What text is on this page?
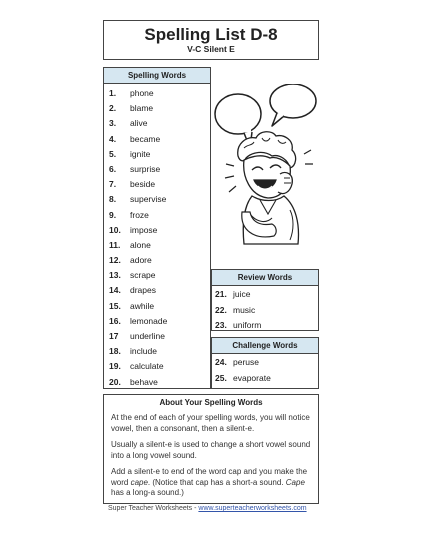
Spelling List D-8
V-C Silent E
Spelling Words
1. phone
2. blame
3. alive
4. became
5. ignite
6. surprise
7. beside
8. supervise
9. froze
10. impose
11. alone
12. adore
13. scrape
14. drapes
15. awhile
16. lemonade
17 underline
18. include
19. calculate
20. behave
Review Words
21. juice
22. music
23. uniform
Challenge Words
24. peruse
25. evaporate
About Your Spelling Words

At the end of each of your spelling words, you will notice vowel, then a consonant, then a silent-e.

Usually a silent-e is used to change a short vowel sound into a long vowel sound.

Add a silent-e to end of the word cap and you make the word cape. (Notice that cap has a short-a sound. Cape has a long-a sound.)

Super Teacher Worksheets - www.superteacherworksheets.com
